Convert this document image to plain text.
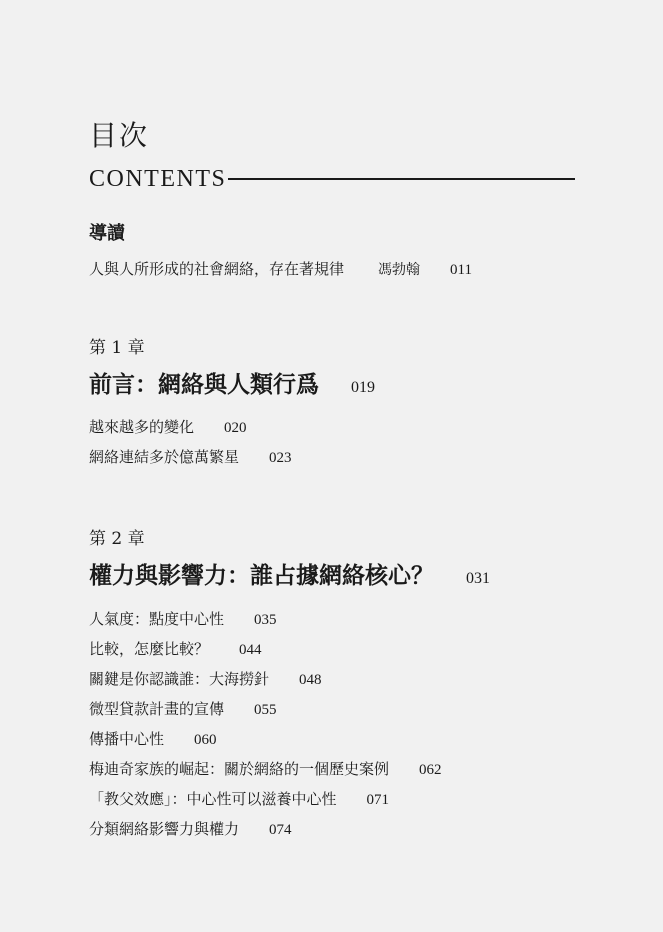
目次
CONTENTS
導讀
人與人所形成的社會網絡，存在著規律 馮勃翰 011
第 1 章
前言：網絡與人類行爲 019
越來越多的變化 020
網絡連結多於億萬繁星 023
第 2 章
權力與影響力：誰占據網絡核心？ 031
人氣度：點度中心性 035
比較，怎麼比較？ 044
關鍵是你認識誰：大海撈針 048
微型貸款計畫的宣傳 055
傳播中心性 060
梅迪奇家族的崛起：關於網絡的一個歷史案例 062
「教父效應」：中心性可以滋養中心性 071
分類網絡影響力與權力 074
